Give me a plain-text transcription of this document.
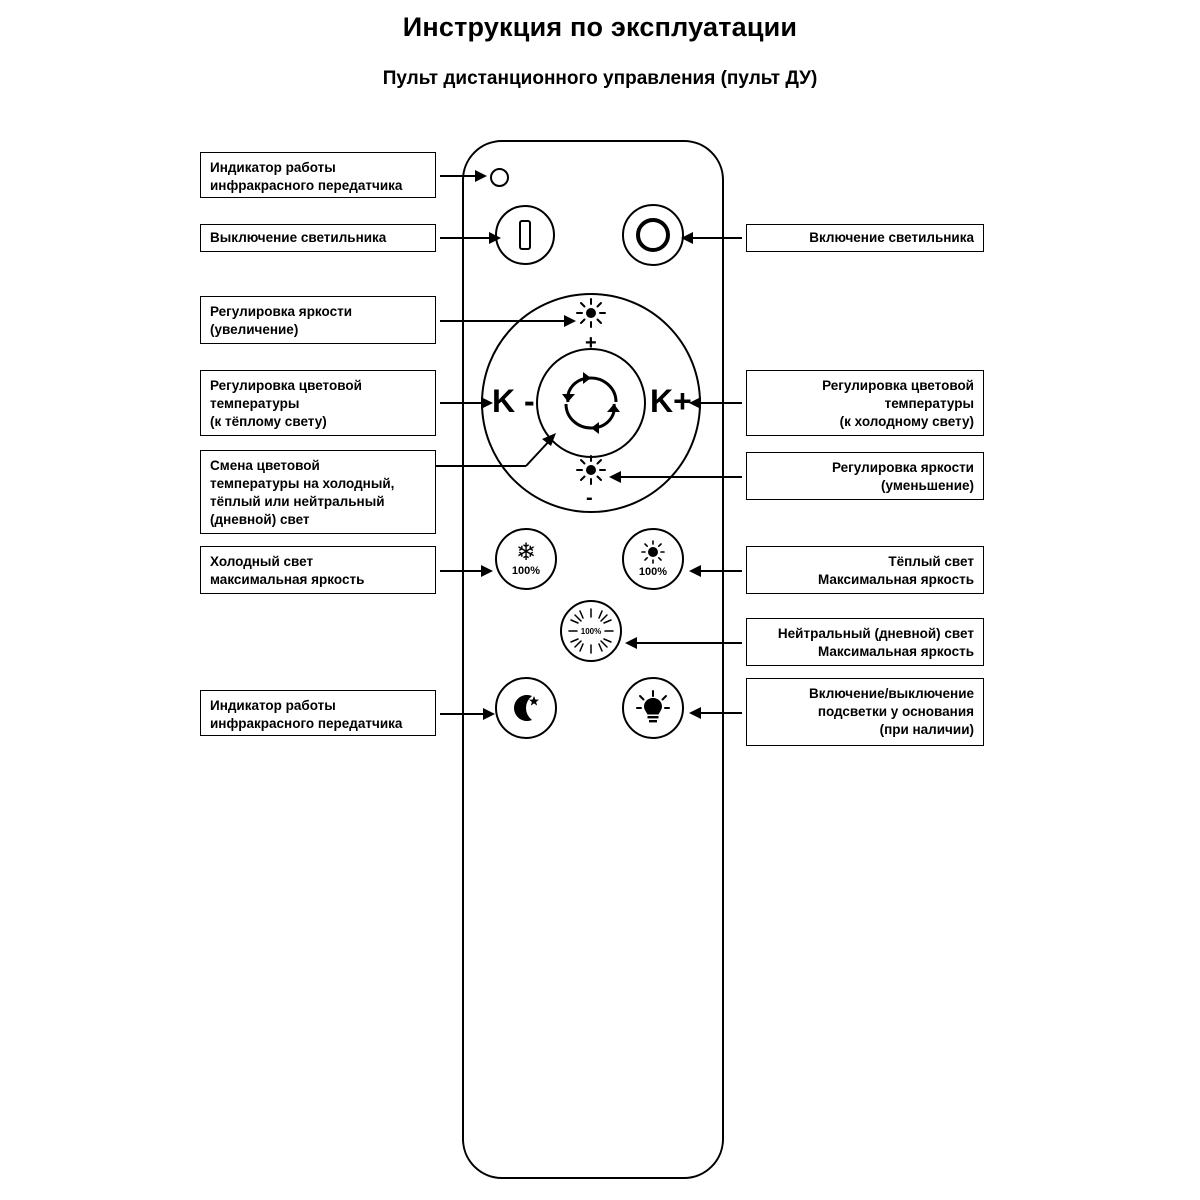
Инструкция по эксплуатации
Пульт дистанционного управления (пульт ДУ)
K -	K+
+
-
❄
100%	100%
100%
Индикатор работы
инфракрасного передатчика
Выключение светильника	Включение светильника
Регулировка яркости
(увеличение)
Регулировка цветовой
температуры
(к тёплому свету)
Регулировка цветовой
температуры
(к холодному свету)
Смена цветовой
температуры на холодный,
тёплый или нейтральный
(дневной) свет
Регулировка яркости
(уменьшение)
Холодный свет
максимальная яркость
Тёплый свет
Максимальная яркость
Нейтральный (дневной) свет
Максимальная яркость
Индикатор работы
инфракрасного передатчика
Включение/выключение
подсветки у основания
(при наличии)
